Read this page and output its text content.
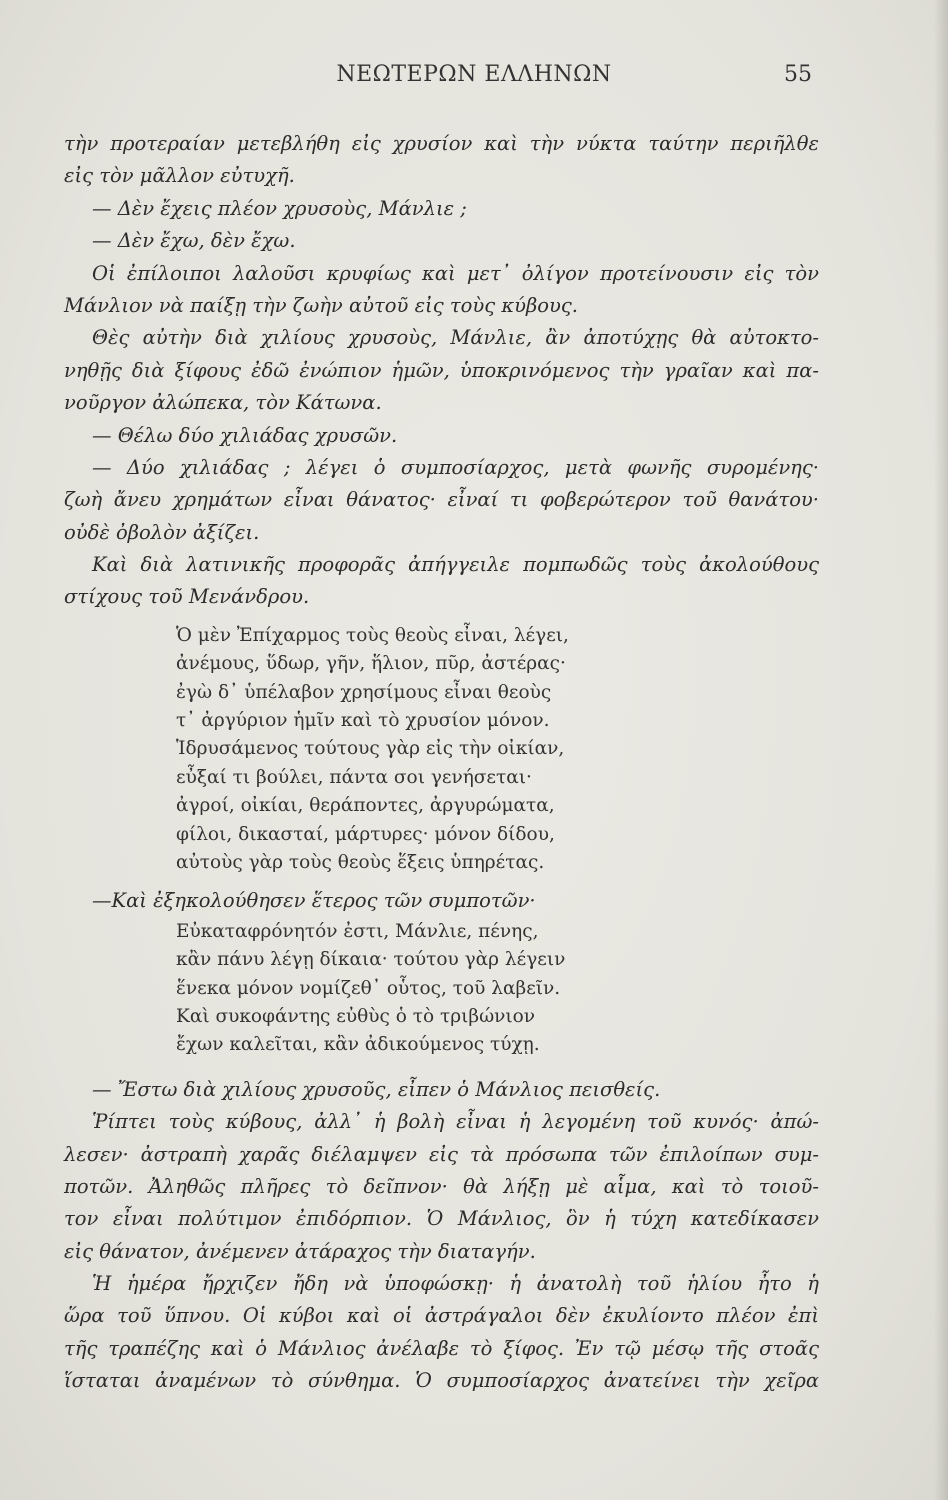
ΝΕΩΤΕΡΩΝ ΕΛΛΗΝΩΝ	55
τὴν προτεραίαν μετεβλήθη εἰς χρυσίον καὶ τὴν νύκτα ταύτην περιῆλθε
εἰς τὸν μᾶλλον εὐτυχῆ.
— Δὲν ἔχεις πλέον χρυσοὺς, Μάνλιε ;
— Δὲν ἔχω, δὲν ἔχω.
Οἱ ἐπίλοιποι λαλοῦσι κρυφίως καὶ μετ᾽ ὀλίγον προτείνουσιν εἰς τὸν
Μάνλιον νὰ παίξῃ τὴν ζωὴν αὐτοῦ εἰς τοὺς κύβους.
Θὲς αὐτὴν διὰ χιλίους χρυσοὺς, Μάνλιε, ἂν ἀποτύχῃς θὰ αὐτοκτο-
νηθῇς διὰ ξίφους ἐδῶ ἐνώπιον ἡμῶν, ὑποκρινόμενος τὴν γραῖαν καὶ πα-
νοῦργον ἀλώπεκα, τὸν Κάτωνα.
— Θέλω δύο χιλιάδας χρυσῶν.
— Δύο χιλιάδας ; λέγει ὁ συμποσίαρχος, μετὰ φωνῆς συρομένης·
ζωὴ ἄνευ χρημάτων εἶναι θάνατος· εἶναί τι φοβερώτερον τοῦ θανάτου·
οὐδὲ ὀβολὸν ἀξίζει.
Καὶ διὰ λατινικῆς προφορᾶς ἀπήγγειλε πομπωδῶς τοὺς ἀκολούθους
στίχους τοῦ Μενάνδρου.
Ὁ μὲν Ἐπίχαρμος τοὺς θεοὺς εἶναι, λέγει,
ἀνέμους, ὕδωρ, γῆν, ἥλιον, πῦρ, ἀστέρας·
ἐγὼ δ᾽ ὑπέλαβον χρησίμους εἶναι θεοὺς
τ᾽ ἀργύριον ἡμῖν καὶ τὸ χρυσίον μόνον.
Ἱδρυσάμενος τούτους γὰρ εἰς τὴν οἰκίαν,
εὖξαί τι βούλει, πάντα σοι γενήσεται·
ἀγροί, οἰκίαι, θεράποντες, ἀργυρώματα,
φίλοι, δικασταί, μάρτυρες· μόνον δίδου,
αὐτοὺς γὰρ τοὺς θεοὺς ἕξεις ὑπηρέτας.
—Καὶ ἐξηκολούθησεν ἕτερος τῶν συμποτῶν·
Εὐκαταφρόνητόν ἐστι, Μάνλιε, πένης,
κἂν πάνυ λέγῃ δίκαια· τούτου γὰρ λέγειν
ἕνεκα μόνον νομίζεθ᾽ οὗτος, τοῦ λαβεῖν.
Καὶ συκοφάντης εὐθὺς ὁ τὸ τριβώνιον
ἔχων καλεῖται, κἂν ἀδικούμενος τύχῃ.
— Ἔστω διὰ χιλίους χρυσοῦς, εἶπεν ὁ Μάνλιος πεισθείς.
Ῥίπτει τοὺς κύβους, ἀλλ᾽ ἡ βολὴ εἶναι ἡ λεγομένη τοῦ κυνός· ἀπώ-
λεσεν· ἀστραπὴ χαρᾶς διέλαμψεν εἰς τὰ πρόσωπα τῶν ἐπιλοίπων συμ-
ποτῶν. Ἀληθῶς πλῆρες τὸ δεῖπνον· θὰ λήξῃ μὲ αἷμα, καὶ τὸ τοιοῦ-
τον εἶναι πολύτιμον ἐπιδόρπιον. Ὁ Μάνλιος, ὃν ἡ τύχη κατεδίκασεν
εἰς θάνατον, ἀνέμενεν ἀτάραχος τὴν διαταγήν.
Ἡ ἡμέρα ἤρχιζεν ἤδη νὰ ὑποφώσκῃ· ἡ ἀνατολὴ τοῦ ἡλίου ἦτο ἡ
ὥρα τοῦ ὕπνου. Οἱ κύβοι καὶ οἱ ἀστράγαλοι δὲν ἐκυλίοντο πλέον ἐπὶ
τῆς τραπέζης καὶ ὁ Μάνλιος ἀνέλαβε τὸ ξίφος. Ἐν τῷ μέσῳ τῆς στοᾶς
ἵσταται ἀναμένων τὸ σύνθημα. Ὁ συμποσίαρχος ἀνατείνει τὴν χεῖρα
